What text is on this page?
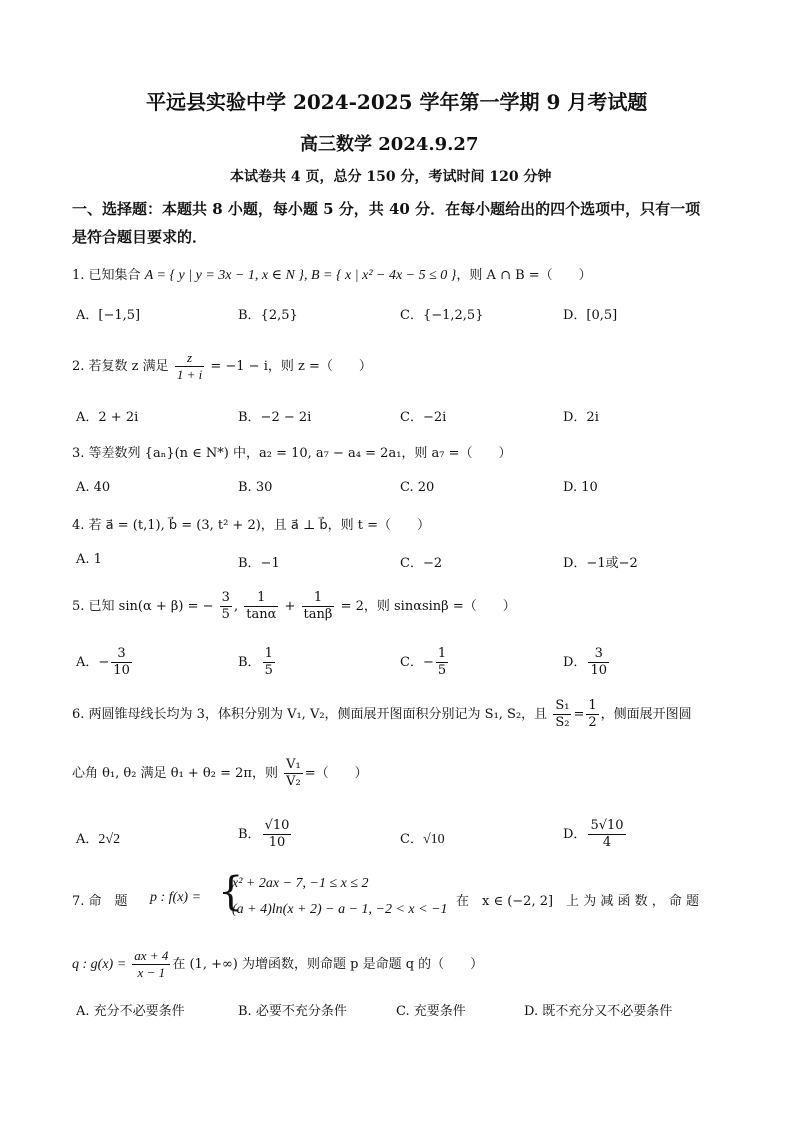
平远县实验中学 2024-2025 学年第一学期 9 月考试题
高三数学 2024.9.27
本试卷共 4 页，总分 150 分，考试时间 120 分钟
一、选择题：本题共 8 小题，每小题 5 分，共 40 分．在每小题给出的四个选项中，只有一项
是符合题目要求的．
1. 已知集合 A = { y | y = 3x − 1, x ∈ N }, B = { x | x² − 4x − 5 ≤ 0 }，则 A ∩ B =（　　）
A．[−1,5]	B．{2,5}	C．{−1,2,5}	D．[0,5]
2. 若复数 z 满足 $\frac{z}{1 + i} = -1 - i$，则 z =（　　）
A．2 + 2i	B．−2 − 2i	C．−2i	D．2i
3. 等差数列 {aₙ}(n ∈ N*) 中，a₂ = 10, a₇ − a₄ = 2a₁，则 a₇ =（　　）
A. 40	B. 30	C. 20	D. 10
4. 若 a⃗ = (t,1), b⃗ = (3, t² + 2)，且 a⃗ ⊥ b⃗，则 t =（　　）
A. 1	B．−1	C．−2	D．−1或−2
5. 已知 sin(α + β) = − $\frac{3}{5}$ , $\frac{1}{\tan\alpha} + \frac{1}{\tan\beta} = 2$，则 sinαsinβ =（　　）
A．− $\frac{3}{10}$	B． $\frac{1}{5}$	C．− $\frac{1}{5}$	D． $\frac{3}{10}$
6. 两圆锥母线长均为 3，体积分别为 V₁, V₂，侧面展开图面积分别记为 S₁, S₂，且 $\frac{\text{S₁}}{\text{S₂}} = \frac{1}{2}$ ，侧面展开图圆
心角 θ₁, θ₂ 满足 θ₁ + θ₂ = 2π，则 $\frac{\text{V₁}}{\text{V₂}}$ =（　　）
A．2√2	B． $\frac{√10}{10}$	C．√10	D． $\frac{5√10}{4}$
7. 命　题 p : f(x) = {
x² + 2ax − 7, −1 ≤ x ≤ 2
(a + 4)ln(x + 2) − a − 1, −2 < x < −1
在　x ∈ (−2, 2]　上 为 减 函 数 ， 命 题
q : $g(x) = \frac{ax + 4}{x - 1}$ 在 (1, +∞) 为增函数，则命题 p 是命题 q 的（　　）
A. 充分不必要条件	B. 必要不充分条件	C. 充要条件	D. 既不充分又不必要条件
